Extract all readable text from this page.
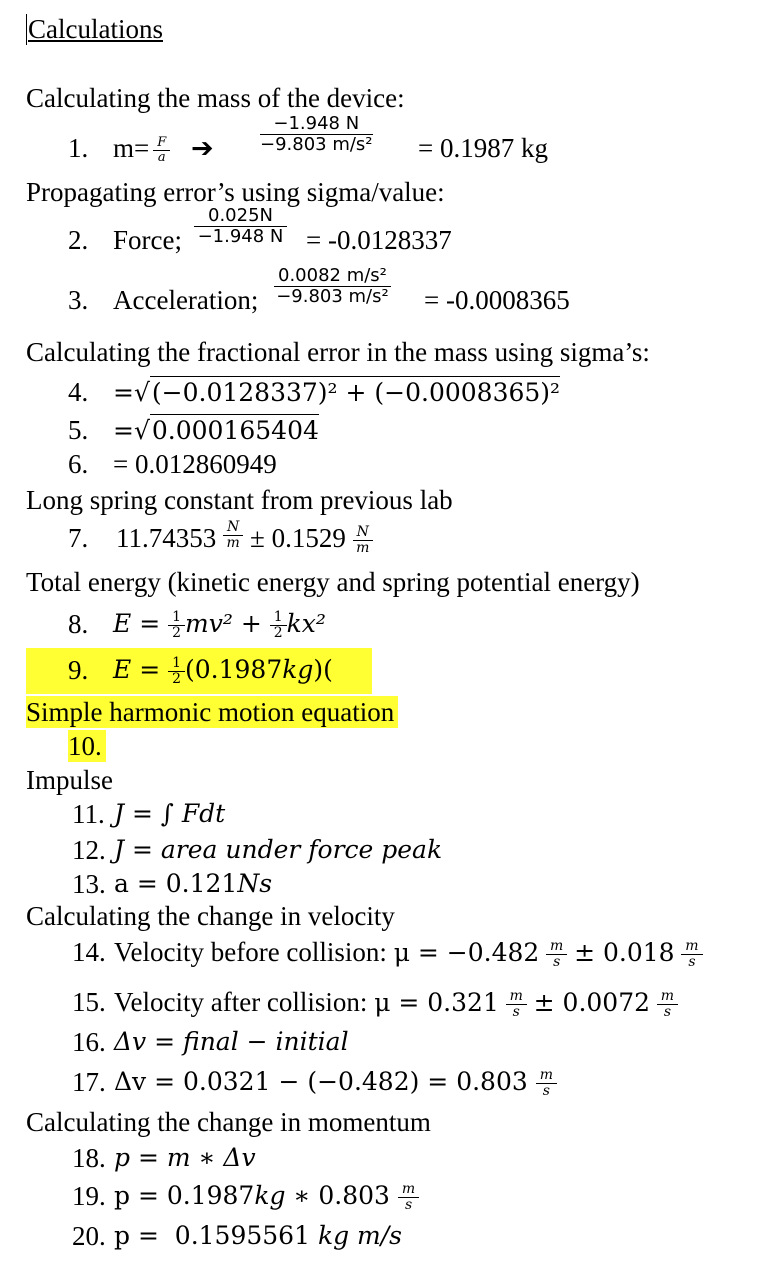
Calculations
Calculating the mass of the device:
1. $m= \frac{F}{a}$ ➔	$\frac{-1.948 N}{\text{−9.803 m/s²}} = 0.1987$ kg
Propagating error’s using sigma/value:
2. Force; $\frac{0.025N}{-1.948 N} = -0.0128337$
3. Acceleration; $\frac{\text{0.0082 m/s²}}{\text{−9.803 m/s²}} = -0.0008365$
Calculating the fractional error in the mass using sigma’s:
4. =√(−0.0128337)² + (−0.0008365)²
5. =√0.000165404
6. = 0.012860949
Long spring constant from previous lab
7. $11.74353 \frac{N}{m} \pm 0.1529 \frac{N}{m}$
Total energy (kinetic energy and spring potential energy)
8. $E = \frac{1}{2} mv^2 + \frac{1}{2} kx^2$
9. $E = \frac{1}{2} (0.1987kg)$(
Simple harmonic motion equation
10.
Impulse
11. J = ∫ Fdt
12. J = area under force peak
13. a = 0.121Ns
Calculating the change in velocity
14. Velocity before collision: $\mu = -0.482 \frac{m}{s} \pm 0.018 \frac{m}{s}$
15. Velocity after collision: $\mu = 0.321 \frac{m}{s} \pm 0.0072 \frac{m}{s}$
16. Δv = final − initial
17. $\Delta v = 0.0321 - (-0.482) = 0.803 \frac{m}{s}$
Calculating the change in momentum
18. p = m ∗ Δv
19. p = 0.1987kg ∗ $0.803 \frac{m}{s}$
20. p =  0.1595561 kg m/s
